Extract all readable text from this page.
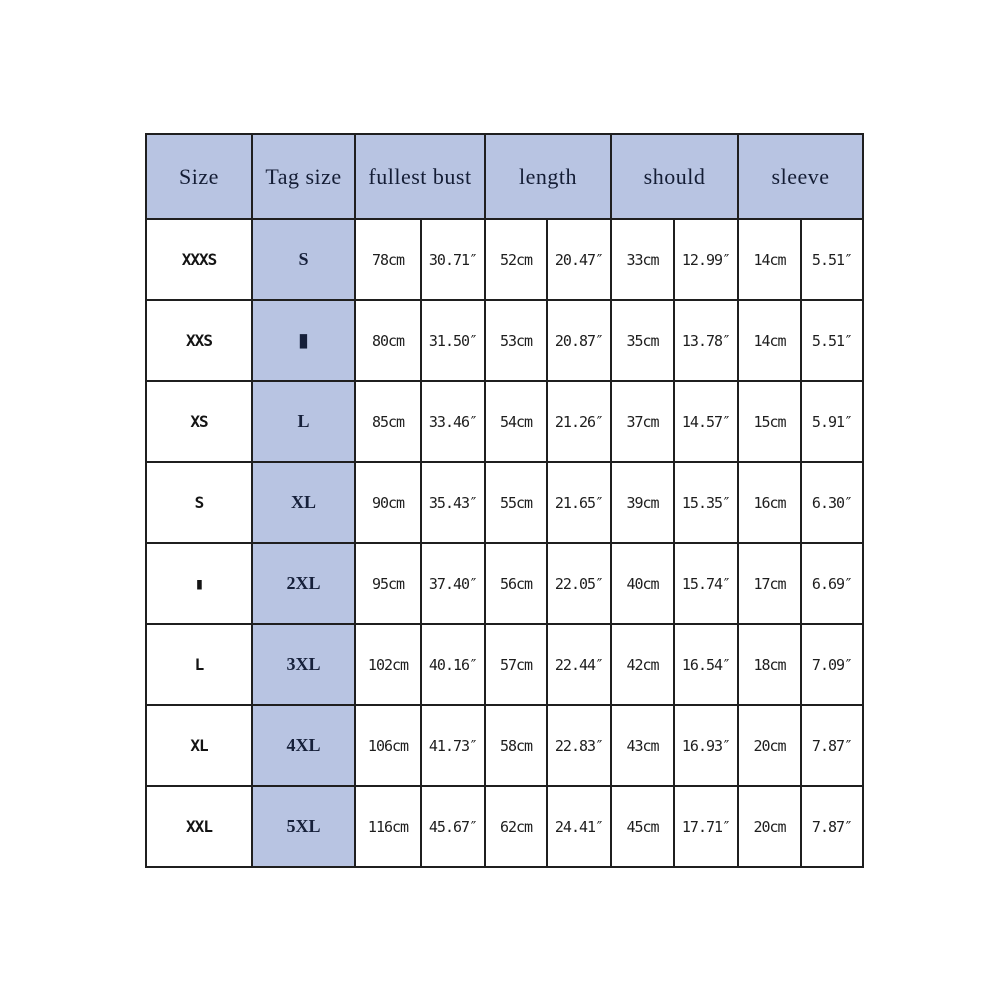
Size	Tag size	fullest bust		length		should		sleeve	
XXXS	S	78cm	30.71″	52cm	20.47″	33cm	12.99″	14cm	5.51″
XXS	▮	80cm	31.50″	53cm	20.87″	35cm	13.78″	14cm	5.51″
XS	L	85cm	33.46″	54cm	21.26″	37cm	14.57″	15cm	5.91″
S	XL	90cm	35.43″	55cm	21.65″	39cm	15.35″	16cm	6.30″
▮	2XL	95cm	37.40″	56cm	22.05″	40cm	15.74″	17cm	6.69″
L	3XL	102cm	40.16″	57cm	22.44″	42cm	16.54″	18cm	7.09″
XL	4XL	106cm	41.73″	58cm	22.83″	43cm	16.93″	20cm	7.87″
XXL	5XL	116cm	45.67″	62cm	24.41″	45cm	17.71″	20cm	7.87″
